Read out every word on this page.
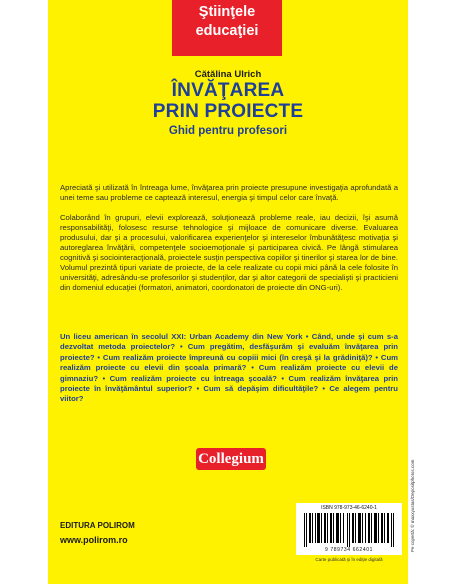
Ştiinţele
educaţiei
Cătălina Ulrich
ÎNVĂŢAREA
PRIN PROIECTE
Ghid pentru profesori
Apreciată şi utilizată în întreaga lume, învăţarea prin proiecte presupune investigaţia aprofundată a unei teme sau probleme ce captează interesul, energia şi timpul celor care învaţă.
Colaborând în grupuri, elevii explorează, soluţionează probleme reale, iau decizii, îşi asumă responsabilităţi, folosesc resurse tehnologice şi mijloace de comunicare diverse. Evaluarea produsului, dar şi a procesului, valorificarea experienţelor şi intereselor îmbunătăţesc motivaţia şi autoreglarea învăţării, competenţele socioemoţionale şi participarea civică. Pe lângă stimularea cognitivă şi sociointeracţională, proiectele susţin perspectiva copiilor şi tinerilor şi starea lor de bine.
Volumul prezintă tipuri variate de proiecte, de la cele realizate cu copii mici până la cele folosite în universităţi, adresându-se profesorilor şi studenţilor, dar şi altor categorii de specialişti şi practicieni din domeniul educaţiei (formatori, animatori, coordonatori de proiecte din ONG-uri).
Un liceu american în secolul XXI: Urban Academy din New York • Când, unde şi cum s-a dezvoltat metoda proiectelor? • Cum pregătim, desfăşurăm şi evaluăm învăţarea prin proiecte? • Cum realizăm proiecte împreună cu copiii mici (în creşă şi la grădiniţă)? • Cum realizăm proiecte cu elevii din şcoala primară? • Cum realizăm proiecte cu elevii de gimnaziu? • Cum realizăm proiecte cu întreaga şcoală? • Cum realizăm învăţarea prin proiecte în învăţământul superior? • Cum să depăşim dificultăţile? • Ce alegem pentru viitor?
Collegium
EDITURA POLIROM
www.polirom.ro
ISBN 978-973-46-6240-1
9 789734 662401
Carte publicată şi în ediţie digitală
Pe copertă: © maxxyustas/Depositphotos.com
